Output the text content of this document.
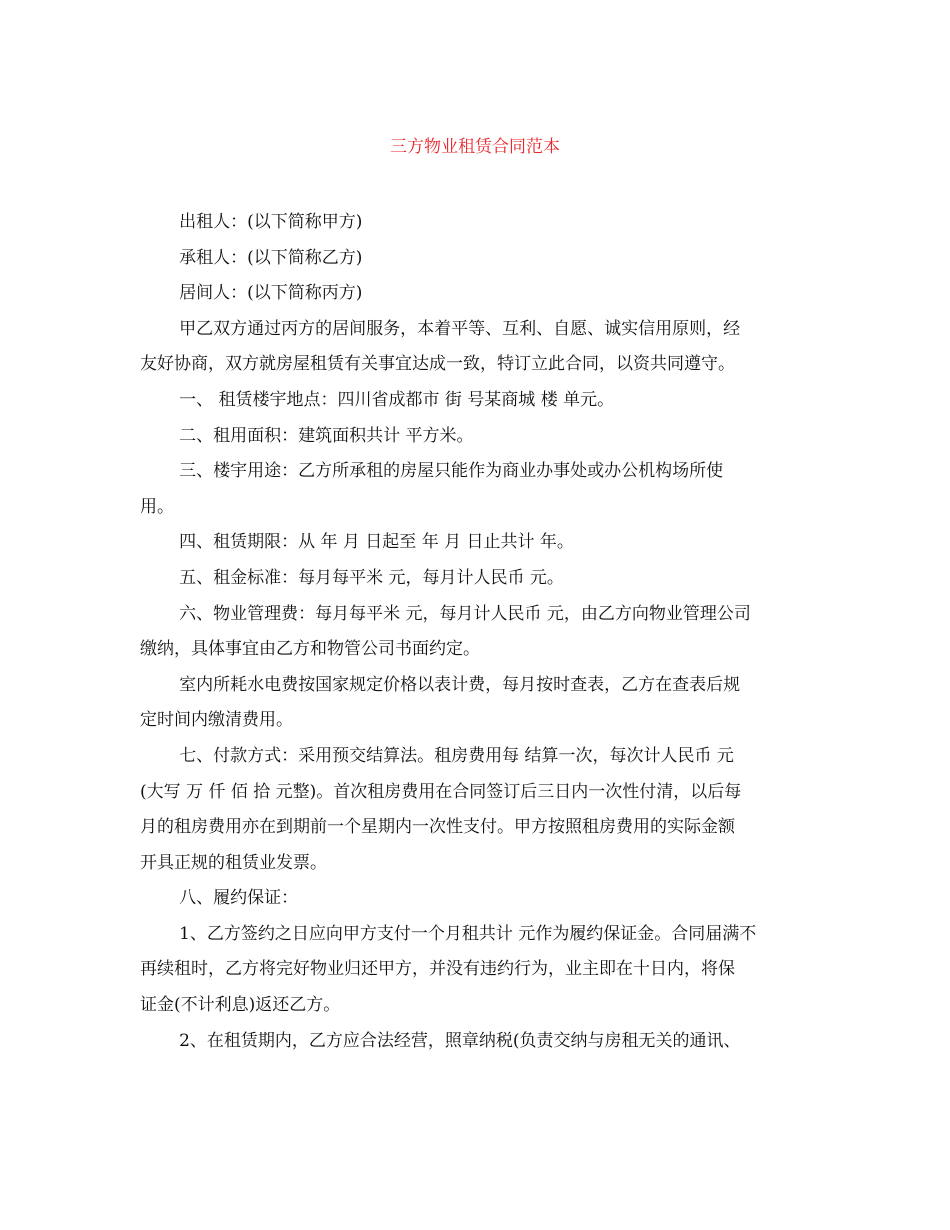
三方物业租赁合同范本

出租人：(以下简称甲方)

承租人：(以下简称乙方)

居间人：(以下简称丙方)

甲乙双方通过丙方的居间服务，本着平等、互利、自愿、诚实信用原则，经
友好协商，双方就房屋租赁有关事宜达成一致，特订立此合同，以资共同遵守。

一、 租赁楼宇地点：四川省成都市 街 号某商城 楼 单元。

二、租用面积：建筑面积共计 平方米。

三、楼宇用途：乙方所承租的房屋只能作为商业办事处或办公机构场所使
用。

四、租赁期限：从 年 月 日起至 年 月 日止共计 年。

五、租金标准：每月每平米 元，每月计人民币 元。

六、物业管理费：每月每平米 元，每月计人民币 元，由乙方向物业管理公司
缴纳，具体事宜由乙方和物管公司书面约定。

室内所耗水电费按国家规定价格以表计费，每月按时查表，乙方在查表后规
定时间内缴清费用。

七、付款方式：采用预交结算法。租房费用每 结算一次，每次计人民币 元
(大写 万 仟 佰 拾 元整)。首次租房费用在合同签订后三日内一次性付清，以后每
月的租房费用亦在到期前一个星期内一次性支付。甲方按照租房费用的实际金额
开具正规的租赁业发票。

八、履约保证：

1、乙方签约之日应向甲方支付一个月租共计 元作为履约保证金。合同届满不
再续租时，乙方将完好物业归还甲方，并没有违约行为，业主即在十日内，将保
证金(不计利息)返还乙方。

2、在租赁期内，乙方应合法经营，照章纳税(负责交纳与房租无关的通讯、
